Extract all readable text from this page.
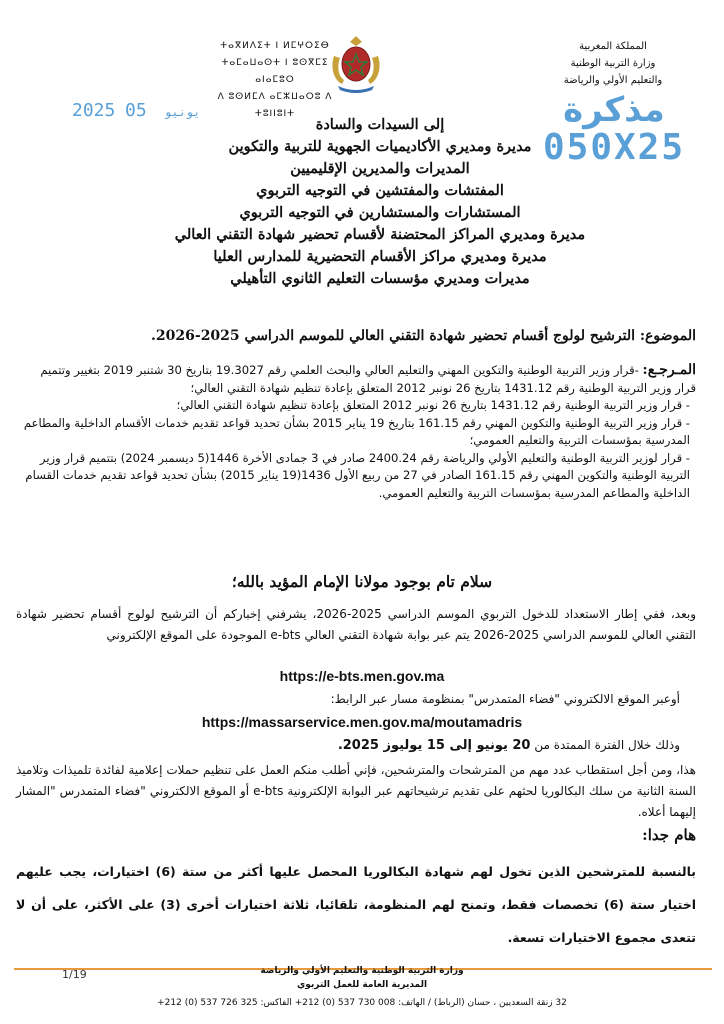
المملكة المغربية
وزارة التربية الوطنية
والتعليم الأولي والرياضة
ⵜⴰⴳⵍⴷⵉⵜ ⵏ ⵍⵎⵖⵔⵉⴱ
ⵜⴰⵎⴰⵡⴰⵙⵜ ⵏ ⵓⵙⴳⵎⵉ ⴰⵏⴰⵎⵓⵔ
ⴷ ⵓⵙⵍⵎⴷ ⴰⵎⵣⵡⴰⵔⵓ ⴷ ⵜⵓⵏⵏⵓⵏⵜ
2025	يونيو 05	مذكرة
050X25
إلى السيدات والسادة
مديرة ومديري الأكاديميات الجهوية للتربية والتكوين
المديرات والمديرين الإقليميين
المفتشات والمفتشين في التوجيه التربوي
المستشارات والمستشارين في التوجيه التربوي
مديرة ومديري المراكز المحتضنة لأقسام تحضير شهادة التقني العالي
مديرة ومديري مراكز الأقسام التحضيرية للمدارس العليا
مديرات ومديري مؤسسات التعليم الثانوي التأهيلي
الموضوع: الترشيح لولوج أقسام تحضير شهادة التقني العالي للموسم الدراسي 2025-2026.

المـرجـع: -قرار وزير التربية الوطنية والتكوين المهني والتعليم العالي والبحث العلمي رقم 19.3027 بتاريخ 30 شتنبر 2019 بتغيير وتتميم قرار وزير التربية الوطنية رقم 1431.12 بتاريخ 26 نونبر 2012 المتعلق بإعادة تنظيم شهادة التقني العالي؛

- قرار وزير التربية الوطنية رقم 1431.12 بتاريخ 26 نونبر 2012 المتعلق بإعادة تنظيم شهادة التقني العالي؛

- قرار وزير التربية الوطنية والتكوين المهني رقم 161.15 بتاريخ 19 يناير 2015 بشأن تحديد قواعد تقديم خدمات الأقسام الداخلية والمطاعم المدرسية بمؤسسات التربية والتعليم العمومي؛

- قرار لوزير التربية الوطنية والتعليم الأولي والرياضة رقم 2400.24 صادر في 3 جمادى الأخرة 1446(5 ديسمبر 2024) بتتميم قرار وزير التربية الوطنية والتكوين المهني رقم 161.15 الصادر في 27 من ربيع الأول 1436(19 يناير 2015) بشأن تحديد قواعد تقديم خدمات القسام الداخلية والمطاعم المدرسية بمؤسسات التربية والتعليم العمومي.

سلام تام بوجود مولانا الإمام المؤيد بالله؛
وبعد، ففي إطار الاستعداد للدخول التربوي الموسم الدراسي 2025-2026، يشرفني إخباركم أن الترشيح لولوج أقسام تحضير شهادة التقني العالي للموسم الدراسي 2025-2026 يتم عبر بوابة شهادة التقني العالي e-bts الموجودة على الموقع الإلكتروني
https://e-bts.men.gov.ma
أوعبر الموقع الالكتروني "فضاء المتمدرس" بمنظومة مسار عبر الرابط:
https://massarservice.men.gov.ma/moutamadris
وذلك خلال الفترة الممتدة من 20 يونيو إلى 15 يوليوز 2025.
هذا، ومن أجل استقطاب عدد مهم من المترشحات والمترشحين، فإني أطلب منكم العمل على تنظيم حملات إعلامية لفائدة تلميذات وتلاميذ السنة الثانية من سلك البكالوريا لحثهم على تقديم ترشيحاتهم عبر البوابة الإلكترونية e-bts أو الموقع الالكتروني "فضاء المتمدرس "المشار إليهما أعلاه.
هام جدا:
بالنسبة للمترشحين الذين تخول لهم شهادة البكالوريا المحصل عليها أكثر من ستة (6) اختيارات، يجب عليهم اختيار ستة (6) تخصصات فقط، وتمنح لهم المنظومة، تلقائيا، ثلاثة اختيارات أخرى (3) على الأكثر، على أن لا تتعدى مجموع الاختيارات تسعة.
1/19	وزارة التربية الوطنية والتعليم الأولي والرياضة
المديرية العامة للعمل التربوي
32 زنقة السعديين ، حسان (الرباط) / الهاتف: 008 730 537 (0) 212+ الفاكس: 325 726 537 (0) 212+
